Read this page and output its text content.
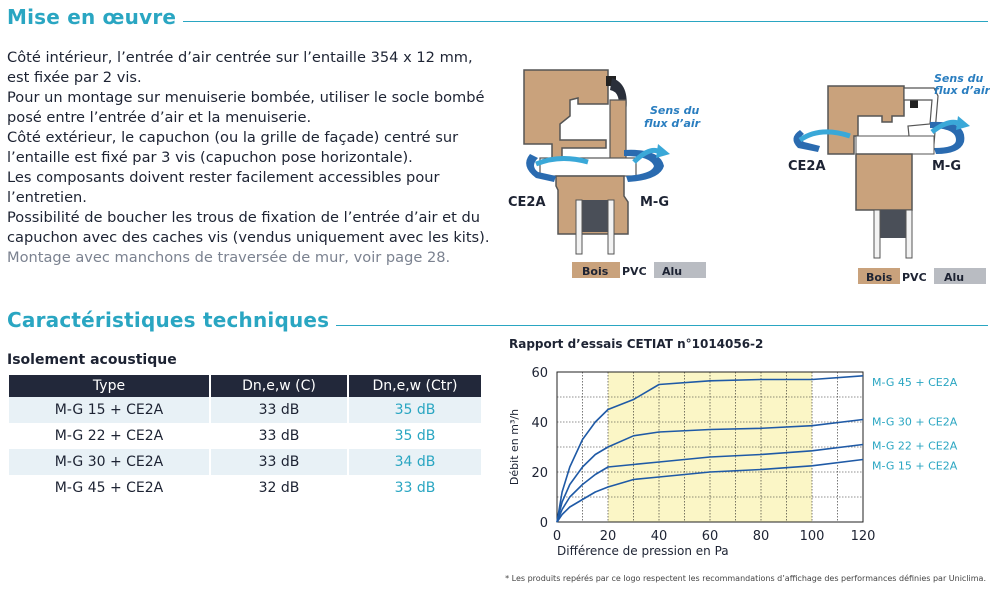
Mise en œuvre
Côté intérieur, l’entrée d’air centrée sur l’entaille 354 x 12 mm,
est fixée par 2 vis.
Pour un montage sur menuiserie bombée, utiliser le socle bombé
posé entre l’entrée d’air et la menuiserie.
Côté extérieur, le capuchon (ou la grille de façade) centré sur
l’entaille est fixé par 3 vis (capuchon pose horizontale).
Les composants doivent rester facilement accessibles pour
l’entretien.
Possibilité de boucher les trous de fixation de l’entrée d’air et du
capuchon avec des caches vis (vendus uniquement avec les kits).
Montage avec manchons de traversée de mur, voir page 28.
Sens du
flux d’air
CE2A	M-G
Bois PVC Alu
Sens du
flux d’air
CE2A	M-G
Bois PVC Alu
Caractéristiques techniques
Isolement acoustique
Type	Dn,e,w (C)	Dn,e,w (Ctr)
M-G 15 + CE2A	33 dB	35 dB
M-G 22 + CE2A	33 dB	35 dB
M-G 30 + CE2A	33 dB	34 dB
M-G 45 + CE2A	32 dB	33 dB
Rapport d’essais CETIAT n°1014056-2
M-G 45 + CE2A
M-G 30 + CE2A
M-G 22 + CE2A
M-G 15 + CE2A
0	20	40	60	80 100 120
0
20
40
60
Débit en m³/h
Différence de pression en Pa
* Les produits repérés par ce logo respectent les recommandations d’affichage des performances définies par Uniclima.
